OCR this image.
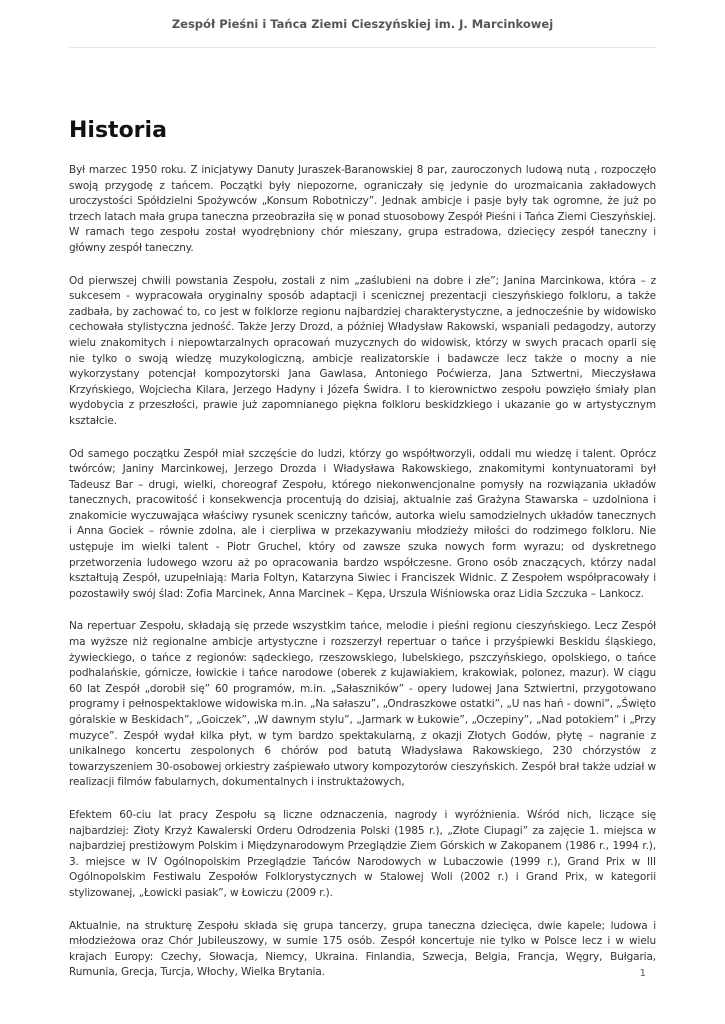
Zespół Pieśni i Tańca Ziemi Cieszyńskiej im. J. Marcinkowej
Historia

Był marzec 1950 roku. Z inicjatywy Danuty Juraszek-Baranowskiej 8 par, zauroczonych ludową nutą , rozpoczęło swoją przygodę z tańcem. Początki były niepozorne, ograniczały się jedynie do urozmaicania zakładowych uroczystości Spółdzielni Spożywców „Konsum Robotniczy”. Jednak ambicje i pasje były tak ogromne, że już po trzech latach mała grupa taneczna przeobraziła się w ponad stuosobowy Zespół Pieśni i Tańca Ziemi Cieszyńskiej. W ramach tego zespołu został wyodrębniony chór mieszany, grupa estradowa, dziecięcy zespół taneczny i główny zespół taneczny.

Od pierwszej chwili powstania Zespołu, zostali z nim „zaślubieni na dobre i złe”; Janina Marcinkowa, która – z sukcesem - wypracowała oryginalny sposób adaptacji i scenicznej prezentacji cieszyńskiego folkloru, a także zadbała, by zachować to, co jest w folklorze regionu najbardziej charakterystyczne, a jednocześnie by widowisko cechowała stylistyczna jedność. Także Jerzy Drozd, a później Władysław Rakowski, wspaniali pedagodzy, autorzy wielu znakomitych i niepowtarzalnych opracowań muzycznych do widowisk, którzy w swych pracach oparli się nie tylko o swoją wiedzę muzykologiczną, ambicje realizatorskie i badawcze lecz także o mocny a nie wykorzystany potencjał kompozytorski Jana Gawlasa, Antoniego Poćwierza, Jana Sztwertni, Mieczysława Krzyńskiego, Wojciecha Kilara, Jerzego Hadyny i Józefa Świdra. I to kierownictwo zespołu powzięło śmiały plan wydobycia z przeszłości, prawie już zapomnianego piękna folkloru beskidzkiego i ukazanie go w artystycznym kształcie.

Od samego początku Zespół miał szczęście do ludzi, którzy go współtworzyli, oddali mu wiedzę i talent. Oprócz twórców; Janiny Marcinkowej, Jerzego Drozda i Władysława Rakowskiego, znakomitymi kontynuatorami był Tadeusz Bar – drugi, wielki, choreograf Zespołu, którego niekonwencjonalne pomysły na rozwiązania układów tanecznych, pracowitość i konsekwencja procentują do dzisiaj, aktualnie zaś Grażyna Stawarska – uzdolniona i znakomicie wyczuwająca właściwy rysunek sceniczny tańców, autorka wielu samodzielnych układów tanecznych i Anna Gociek – równie zdolna, ale i cierpliwa w przekazywaniu młodzieży miłości do rodzimego folkloru. Nie ustępuje im wielki talent - Piotr Gruchel, który od zawsze szuka nowych form wyrazu; od dyskretnego przetworzenia ludowego wzoru aż po opracowania bardzo współczesne. Grono osób znaczących, którzy nadal kształtują Zespół, uzupełniają: Maria Foltyn, Katarzyna Siwiec i Franciszek Widnic. Z Zespołem współpracowały i pozostawiły swój ślad: Zofia Marcinek, Anna Marcinek – Kępa, Urszula Wiśniowska oraz Lidia Szczuka – Lankocz.

Na repertuar Zespołu, składają się przede wszystkim tańce, melodie i pieśni regionu cieszyńskiego. Lecz Zespół ma wyższe niż regionalne ambicje artystyczne i rozszerzył repertuar o tańce i przyśpiewki Beskidu śląskiego, żywieckiego, o tańce z regionów: sądeckiego, rzeszowskiego, lubelskiego, pszczyńskiego, opolskiego, o tańce podhalańskie, górnicze, łowickie i tańce narodowe (oberek z kujawiakiem, krakowiak, polonez, mazur). W ciągu 60 lat Zespół „dorobił się” 60 programów, m.in. „Sałaszników” - opery ludowej Jana Sztwiertni, przygotowano programy i pełnospektaklowe widowiska m.in. „Na sałaszu”, „Ondraszkowe ostatki”, „U nas hań - downi”, „Święto góralskie w Beskidach”, „Goiczek”, „W dawnym stylu”, „Jarmark w Łukowie”, „Oczepiny”, „Nad potokiem” i „Przy muzyce”. Zespół wydał kilka płyt, w tym bardzo spektakularną, z okazji Złotych Godów, płytę – nagranie z unikalnego koncertu zespolonych 6 chórów pod batutą Władysława Rakowskiego, 230 chórzystów z towarzyszeniem 30-osobowej orkiestry zaśpiewało utwory kompozytorów cieszyńskich. Zespół brał także udział w realizacji filmów fabularnych, dokumentalnych i instruktażowych,

Efektem 60-ciu lat pracy Zespołu są liczne odznaczenia, nagrody i wyróżnienia. Wśród nich, liczące się najbardziej: Złoty Krzyż Kawalerski Orderu Odrodzenia Polski (1985 r.), „Złote Ciupagi” za zajęcie 1. miejsca w najbardziej prestiżowym Polskim i Międzynarodowym Przeglądzie Ziem Górskich w Zakopanem (1986 r., 1994 r.), 3. miejsce w IV Ogólnopolskim Przeglądzie Tańców Narodowych w Lubaczowie (1999 r.), Grand Prix w III Ogólnopolskim Festiwalu Zespołów Folklorystycznych w Stalowej Woli (2002 r.) i Grand Prix, w kategorii stylizowanej, „Łowicki pasiak”, w Łowiczu (2009 r.).

Aktualnie, na strukturę Zespołu składa się grupa tancerzy, grupa taneczna dziecięca, dwie kapele; ludowa i młodzieżowa oraz Chór Jubileuszowy, w sumie 175 osób. Zespół koncertuje nie tylko w Polsce lecz i w wielu krajach Europy: Czechy, Słowacja, Niemcy, Ukraina. Finlandia, Szwecja, Belgia, Francja, Węgry, Bułgaria, Rumunia, Grecja, Turcja, Włochy, Wielka Brytania.	1
